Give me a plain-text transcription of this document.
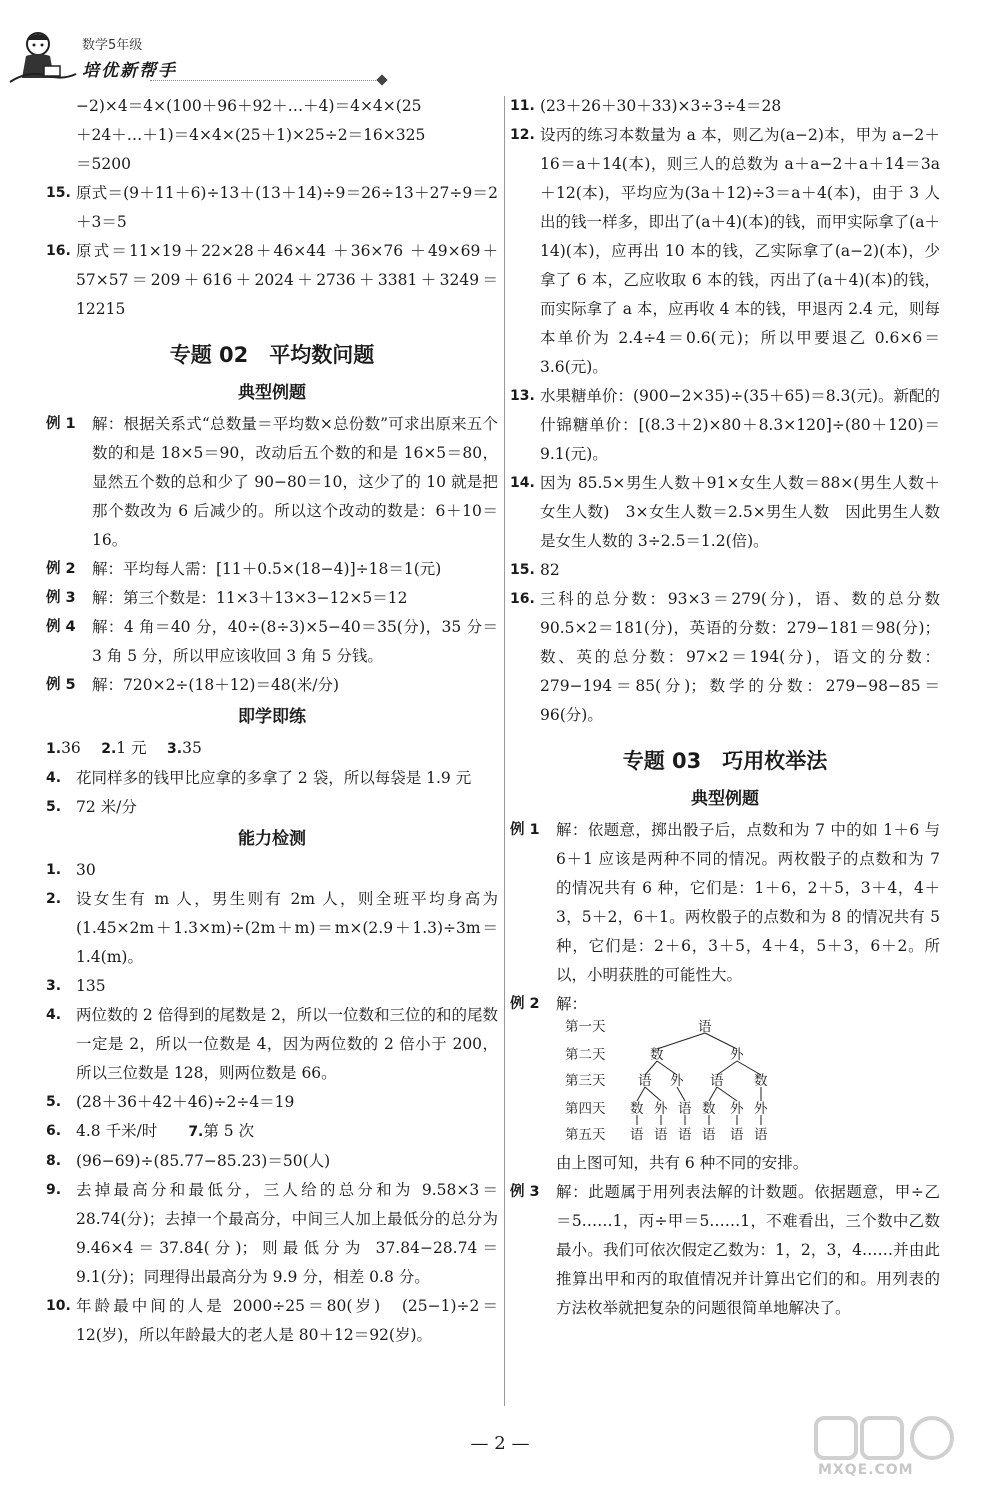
数学5年级
培优新帮手
−2)×4＝4×(100＋96＋92＋…＋4)＝4×4×(25
＋24＋…＋1)＝4×4×(25＋1)×25÷2＝16×325
＝5200
15. 原式＝(9＋11＋6)÷13＋(13＋14)÷9＝26÷13＋27÷9＝2＋3＝5
16. 原式＝11×19＋22×28＋46×44 ＋36×76 ＋49×69＋57×57＝209＋616＋2024＋2736＋3381＋3249＝12215
专题 02　平均数问题
典型例题
例 1 解：根据关系式“总数量＝平均数×总份数”可求出原来五个数的和是 18×5＝90，改动后五个数的和是 16×5＝80，显然五个数的总和少了 90−80＝10，这少了的 10 就是把那个数改为 6 后减少的。所以这个改动的数是：6＋10＝16。
例 2 解：平均每人需：[11＋0.5×(18−4)]÷18＝1(元)
例 3 解：第三个数是：11×3＋13×3−12×5＝12
例 4 解：4 角＝40 分，40÷(8÷3)×5−40＝35(分)，35 分＝3 角 5 分，所以甲应该收回 3 角 5 分钱。
例 5 解：720×2÷(18＋12)＝48(米/分)
即学即练
1.36　 2.1 元　 3.35
4. 花同样多的钱甲比应拿的多拿了 2 袋，所以每袋是 1.9 元
5. 72 米/分
能力检测
1. 30
2. 设女生有 m 人，男生则有 2m 人，则全班平均身高为(1.45×2m＋1.3×m)÷(2m＋m)＝m×(2.9＋1.3)÷3m＝1.4(m)。
3. 135
4. 两位数的 2 倍得到的尾数是 2，所以一位数和三位的和的尾数一定是 2，所以一位数是 4，因为两位数的 2 倍小于 200，所以三位数是 128，则两位数是 66。
5. (28＋36＋42＋46)÷2÷4＝19
6. 4.8 千米/时　　7.第 5 次
8. (96−69)÷(85.77−85.23)＝50(人)
9. 去掉最高分和最低分，三人给的总分和为 9.58×3＝28.74(分)；去掉一个最高分，中间三人加上最低分的总分为 9.46×4＝37.84(分)；则最低分为 37.84−28.74＝9.1(分)；同理得出最高分为 9.9 分，相差 0.8 分。
10. 年龄最中间的人是 2000÷25＝80(岁)　(25−1)÷2＝12(岁)，所以年龄最大的老人是 80＋12＝92(岁)。
11. (23＋26＋30＋33)×3÷3÷4＝28
12. 设丙的练习本数量为 a 本，则乙为(a−2)本，甲为 a−2＋16＝a＋14(本)，则三人的总数为 a＋a−2＋a＋14＝3a＋12(本)，平均应为(3a＋12)÷3＝a＋4(本)，由于 3 人出的钱一样多，即出了(a＋4)(本)的钱，而甲实际拿了(a＋14)(本)，应再出 10 本的钱，乙实际拿了(a−2)(本)，少拿了 6 本，乙应收取 6 本的钱，丙出了(a＋4)(本)的钱，而实际拿了 a 本，应再收 4 本的钱，甲退丙 2.4 元，则每本单价为 2.4÷4＝0.6(元)；所以甲要退乙 0.6×6＝3.6(元)。
13. 水果糖单价：(900−2×35)÷(35＋65)＝8.3(元)。新配的什锦糖单价：[(8.3＋2)×80＋8.3×120]÷(80＋120)＝9.1(元)。
14. 因为 85.5×男生人数＋91×女生人数＝88×(男生人数＋女生人数)　3×女生人数＝2.5×男生人数　因此男生人数是女生人数的 3÷2.5＝1.2(倍)。
15. 82
16. 三科的总分数：93×3＝279(分)，语、数的总分数 90.5×2＝181(分)，英语的分数：279−181＝98(分)；数、英的总分数：97×2＝194(分)，语文的分数：279−194＝85(分)；数学的分数：279−98−85＝96(分)。
专题 03　巧用枚举法
典型例题
例 1 解：依题意，掷出骰子后，点数和为 7 中的如 1＋6 与 6＋1 应该是两种不同的情况。两枚骰子的点数和为 7 的情况共有 6 种，它们是：1＋6，2＋5，3＋4，4＋3，5＋2，6＋1。两枚骰子的点数和为 8 的情况共有 5 种，它们是：2＋6，3＋5，4＋4，5＋3，6＋2。所以，小明获胜的可能性大。
例 2 解：
第一天
第二天
第三天
第四天
第五天
语
数	外
语 外 语 数
数 外 语 数 外 外
语 语 语 语 语 语
由上图可知，共有 6 种不同的安排。
例 3 解：此题属于用列表法解的计数题。依据题意，甲÷乙＝5……1，丙÷甲＝5……1，不难看出，三个数中乙数最小。我们可依次假定乙数为：1，2，3，4……并由此推算出甲和丙的取值情况并计算出它们的和。用列表的方法枚举就把复杂的问题很简单地解决了。
— 2 —
MXQE.COM
